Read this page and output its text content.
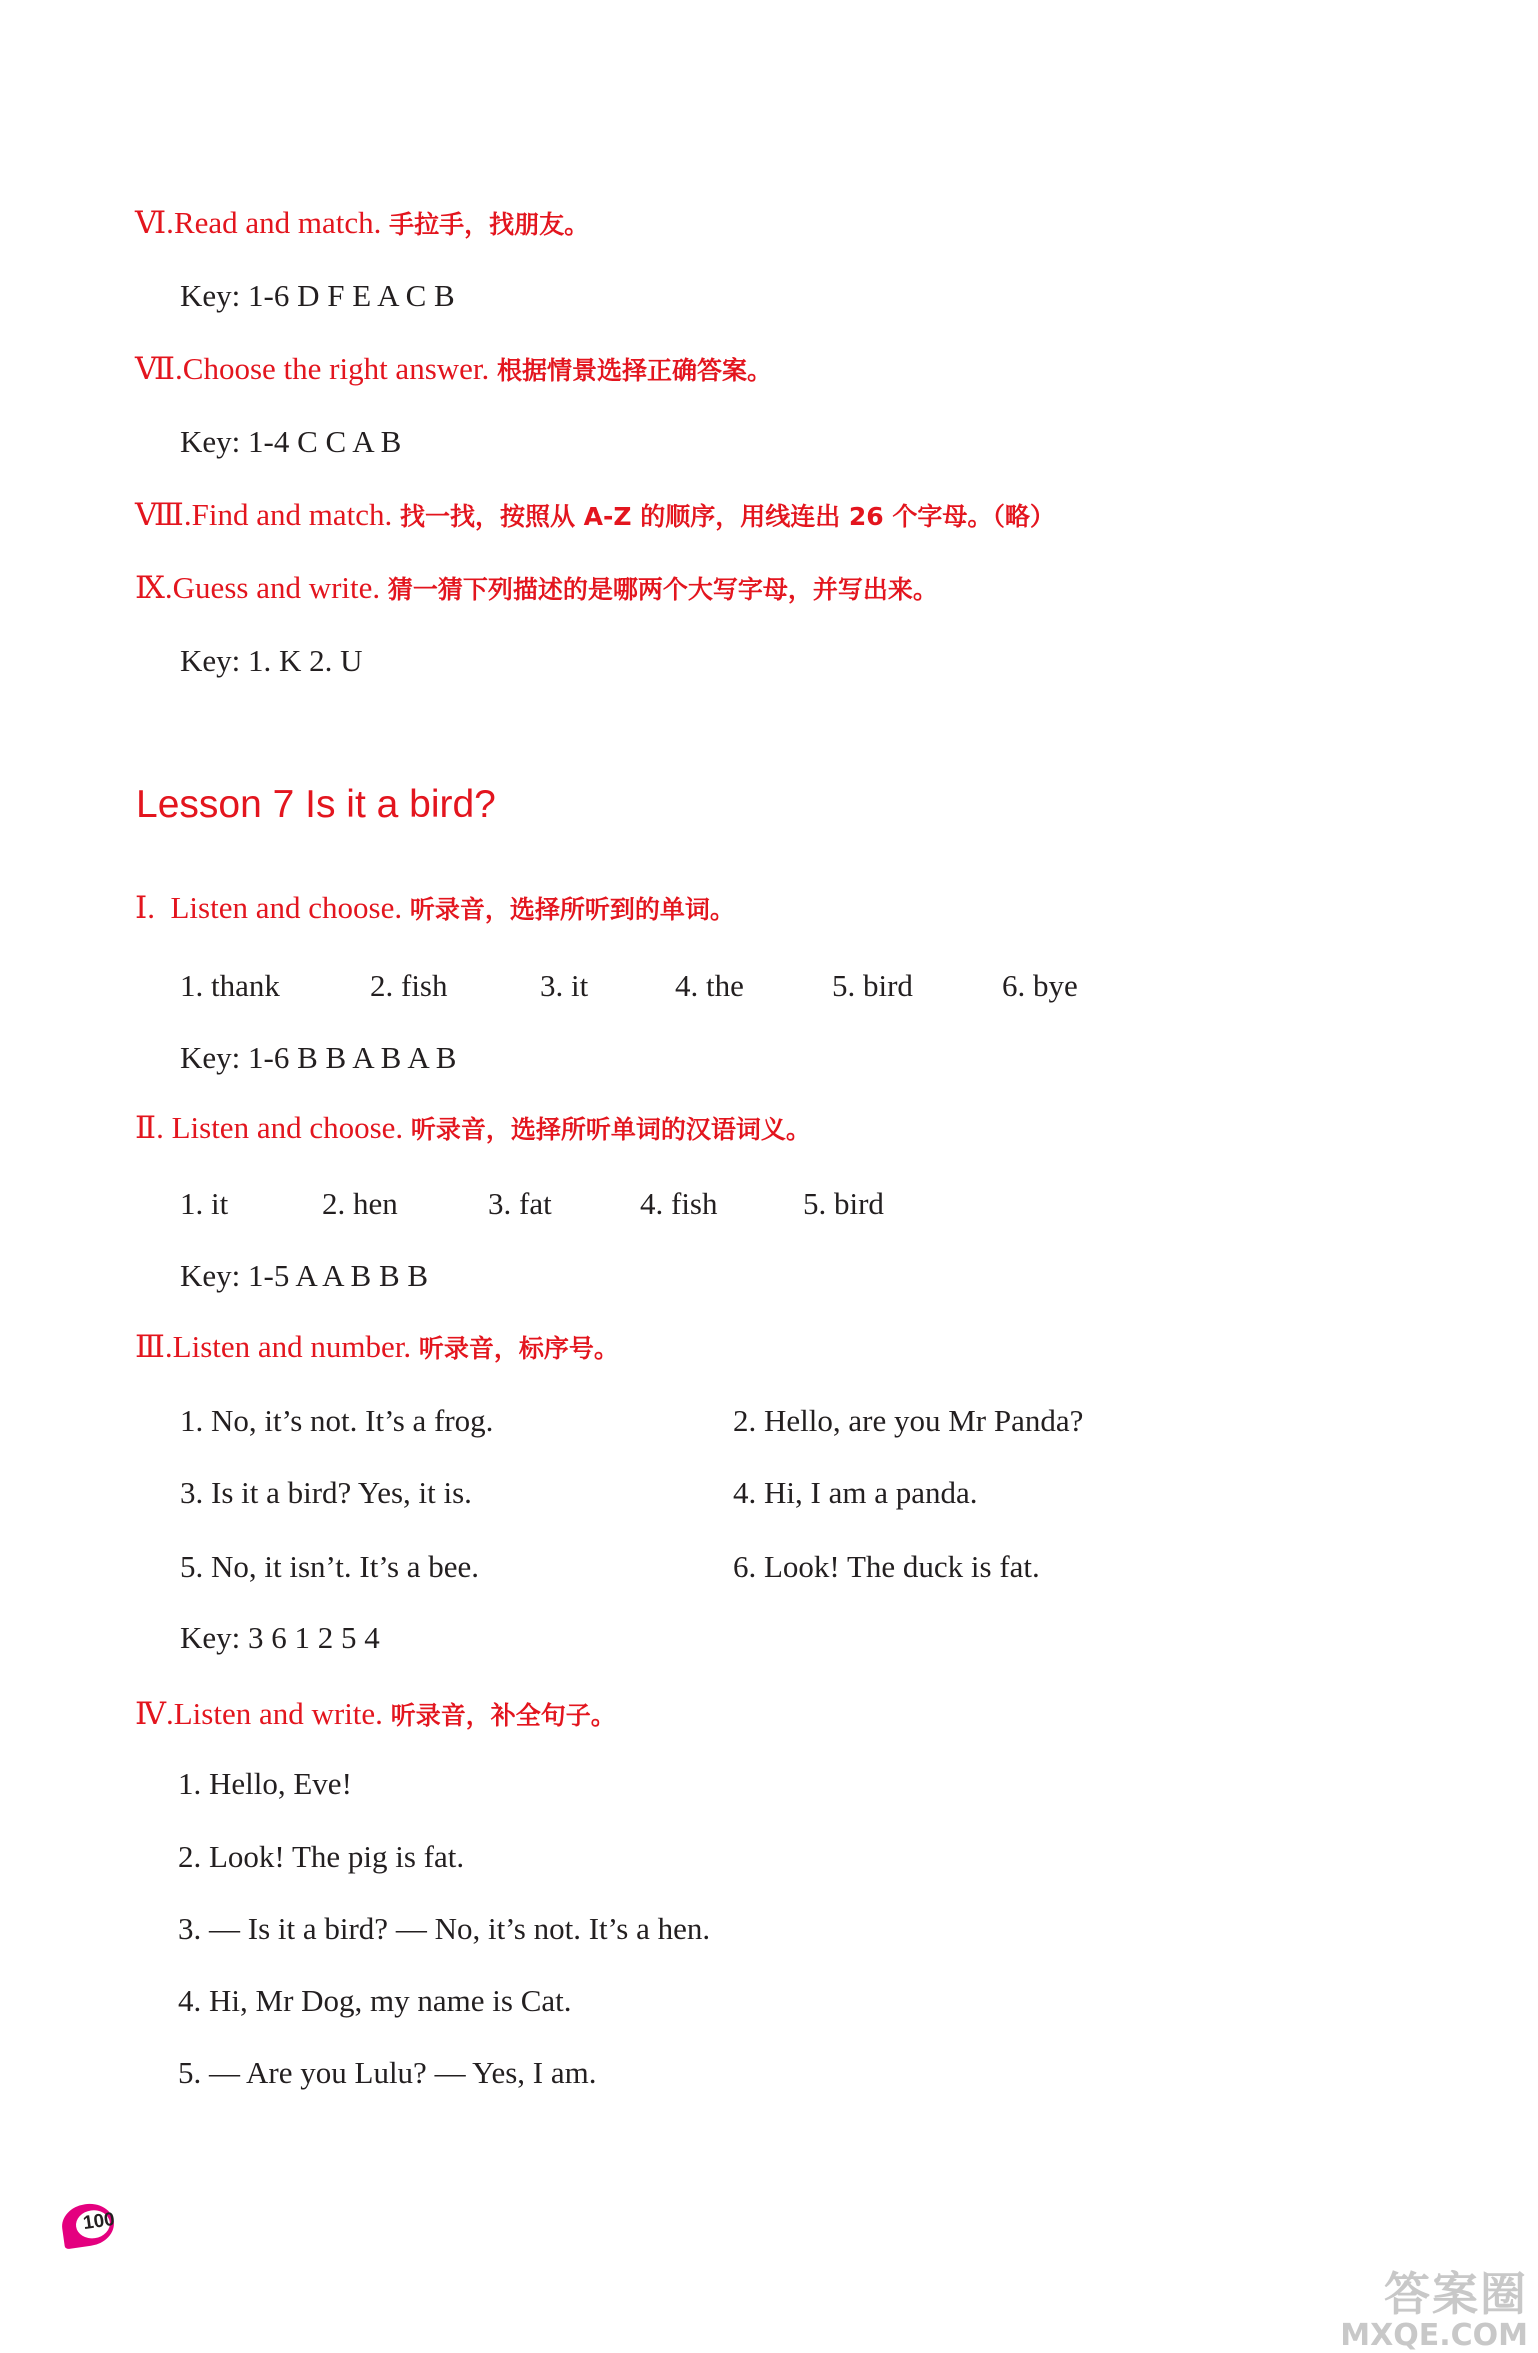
Ⅵ.Read and match. 手拉手，找朋友。
Key: 1-6 D F E A C B
Ⅶ.Choose the right answer. 根据情景选择正确答案。
Key: 1-4 C C A B
Ⅷ.Find and match. 找一找，按照从 A-Z 的顺序，用线连出 26 个字母。（略）
Ⅸ.Guess and write. 猜一猜下列描述的是哪两个大写字母，并写出来。
Key: 1. K 2. U
Lesson 7 Is it a bird?
Ⅰ. Listen and choose. 听录音，选择所听到的单词。
1. thank	2. fish	3. it	4. the	5. bird	6. bye
Key: 1-6 B B A B A B
Ⅱ. Listen and choose. 听录音，选择所听单词的汉语词义。
1. it	2. hen	3. fat	4. fish	5. bird
Key: 1-5 A A B B B
Ⅲ.Listen and number. 听录音，标序号。
1. No, it’s not. It’s a frog.	2. Hello, are you Mr Panda?
3. Is it a bird? Yes, it is.	4. Hi, I am a panda.
5. No, it isn’t. It’s a bee.	6. Look! The duck is fat.
Key: 3 6 1 2 5 4
Ⅳ.Listen and write. 听录音，补全句子。
1. Hello, Eve!
2. Look! The pig is fat.
3. — Is it a bird? — No, it’s not. It’s a hen.
4. Hi, Mr Dog, my name is Cat.
5. — Are you Lulu? — Yes, I am.
100
答案圈
MXQE.COM
